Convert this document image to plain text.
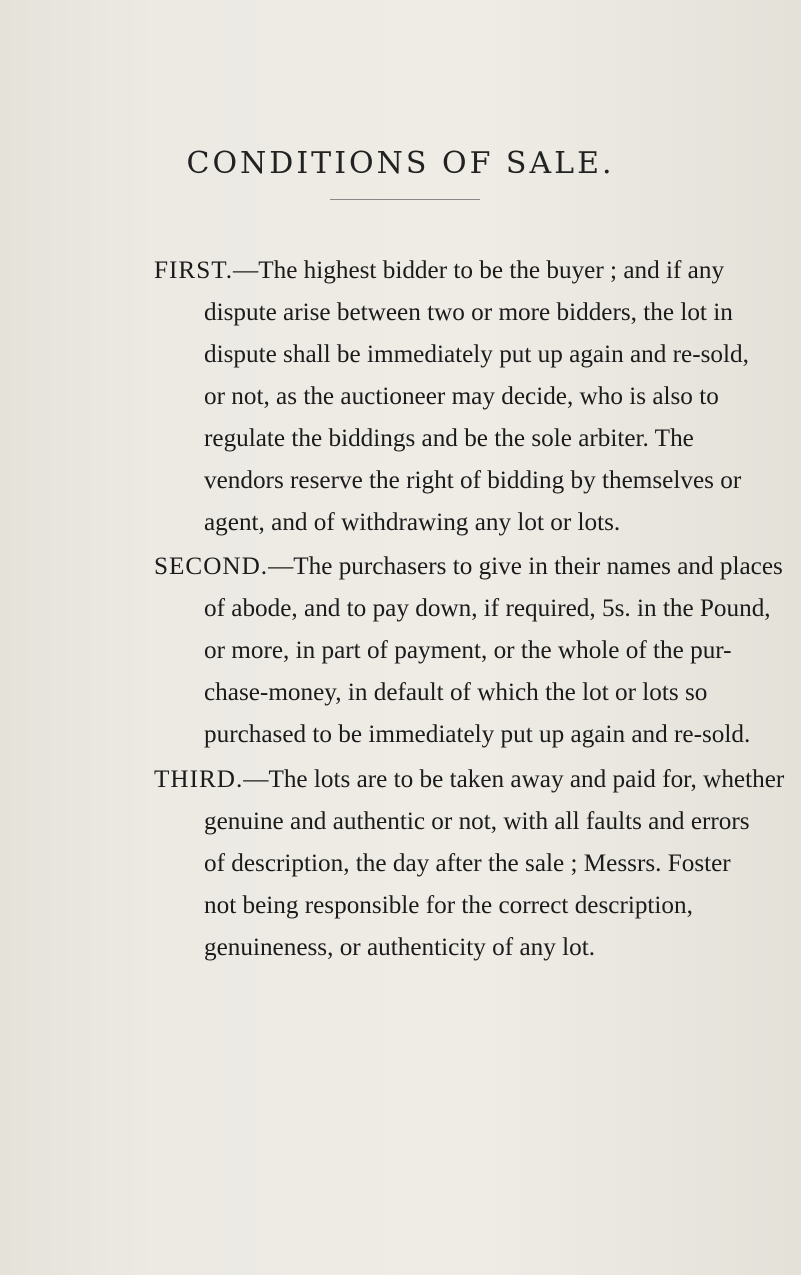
CONDITIONS OF SALE.
FIRST.—The highest bidder to be the buyer ; and if any
dispute arise between two or more bidders, the lot in
dispute shall be immediately put up again and re-sold,
or not, as the auctioneer may decide, who is also to
regulate the biddings and be the sole arbiter. The
vendors reserve the right of bidding by themselves or
agent, and of withdrawing any lot or lots.
SECOND.—The purchasers to give in their names and places
of abode, and to pay down, if required, 5s. in the Pound,
or more, in part of payment, or the whole of the pur-
chase-money, in default of which the lot or lots so
purchased to be immediately put up again and re-sold.
THIRD.—The lots are to be taken away and paid for, whether
genuine and authentic or not, with all faults and errors
of description, the day after the sale ; Messrs. Foster
not being responsible for the correct description,
genuineness, or authenticity of any lot.
